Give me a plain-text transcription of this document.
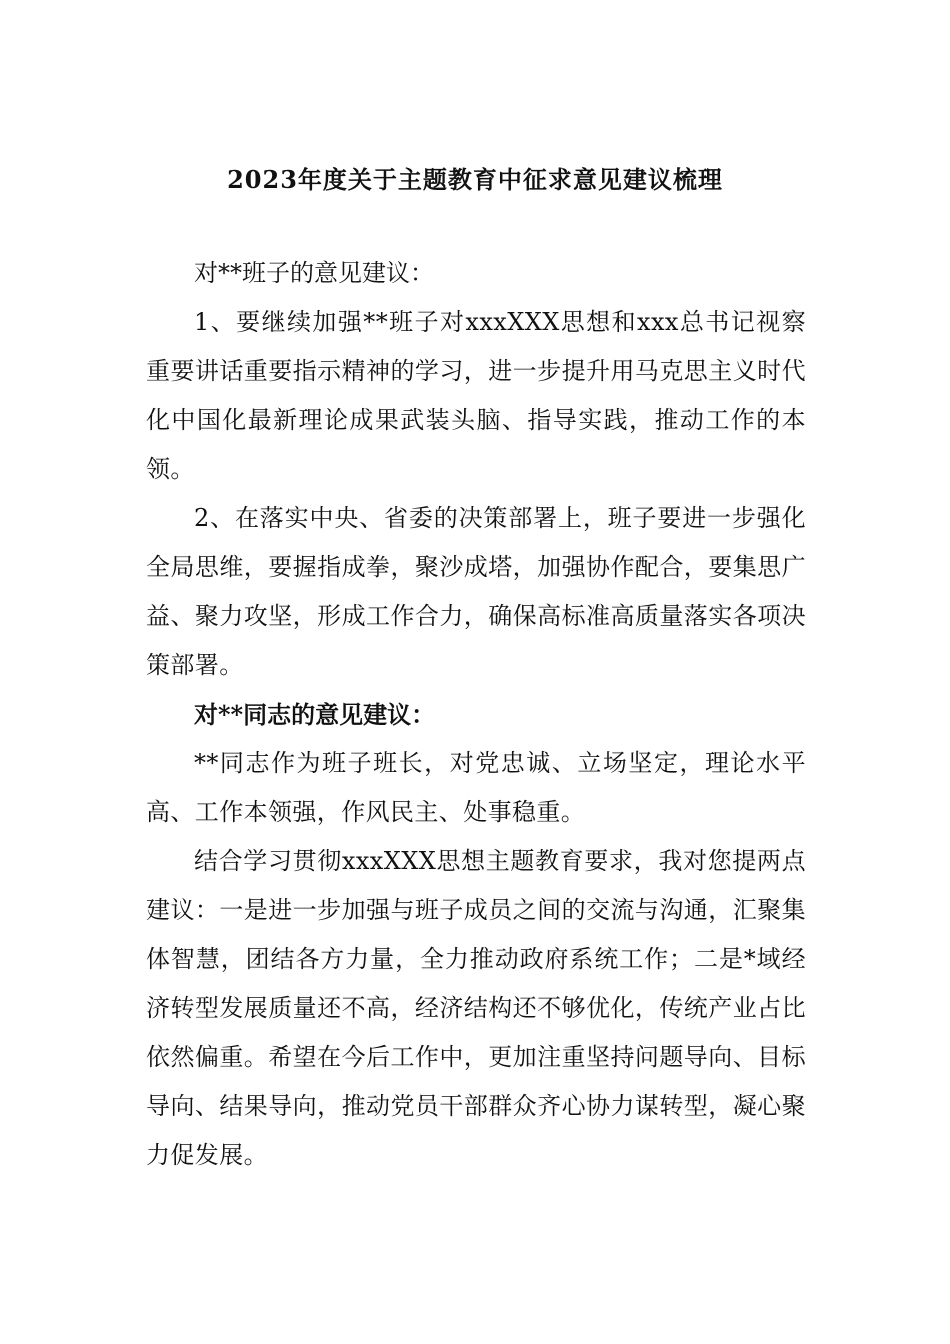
2023年度关于主题教育中征求意见建议梳理

对**班子的意见建议：

1、要继续加强**班子对xxxXXX思想和xxx总书记视察重要讲话重要指示精神的学习，进一步提升用马克思主义时代化中国化最新理论成果武装头脑、指导实践，推动工作的本领。

2、在落实中央、省委的决策部署上，班子要进一步强化全局思维，要握指成拳，聚沙成塔，加强协作配合，要集思广益、聚力攻坚，形成工作合力，确保高标准高质量落实各项决策部署。

对**同志的意见建议：

**同志作为班子班长，对党忠诚、立场坚定，理论水平高、工作本领强，作风民主、处事稳重。

结合学习贯彻xxxXXX思想主题教育要求，我对您提两点建议：一是进一步加强与班子成员之间的交流与沟通，汇聚集体智慧，团结各方力量，全力推动政府系统工作；二是*域经济转型发展质量还不高，经济结构还不够优化，传统产业占比依然偏重。希望在今后工作中，更加注重坚持问题导向、目标导向、结果导向，推动党员干部群众齐心协力谋转型，凝心聚力促发展。
